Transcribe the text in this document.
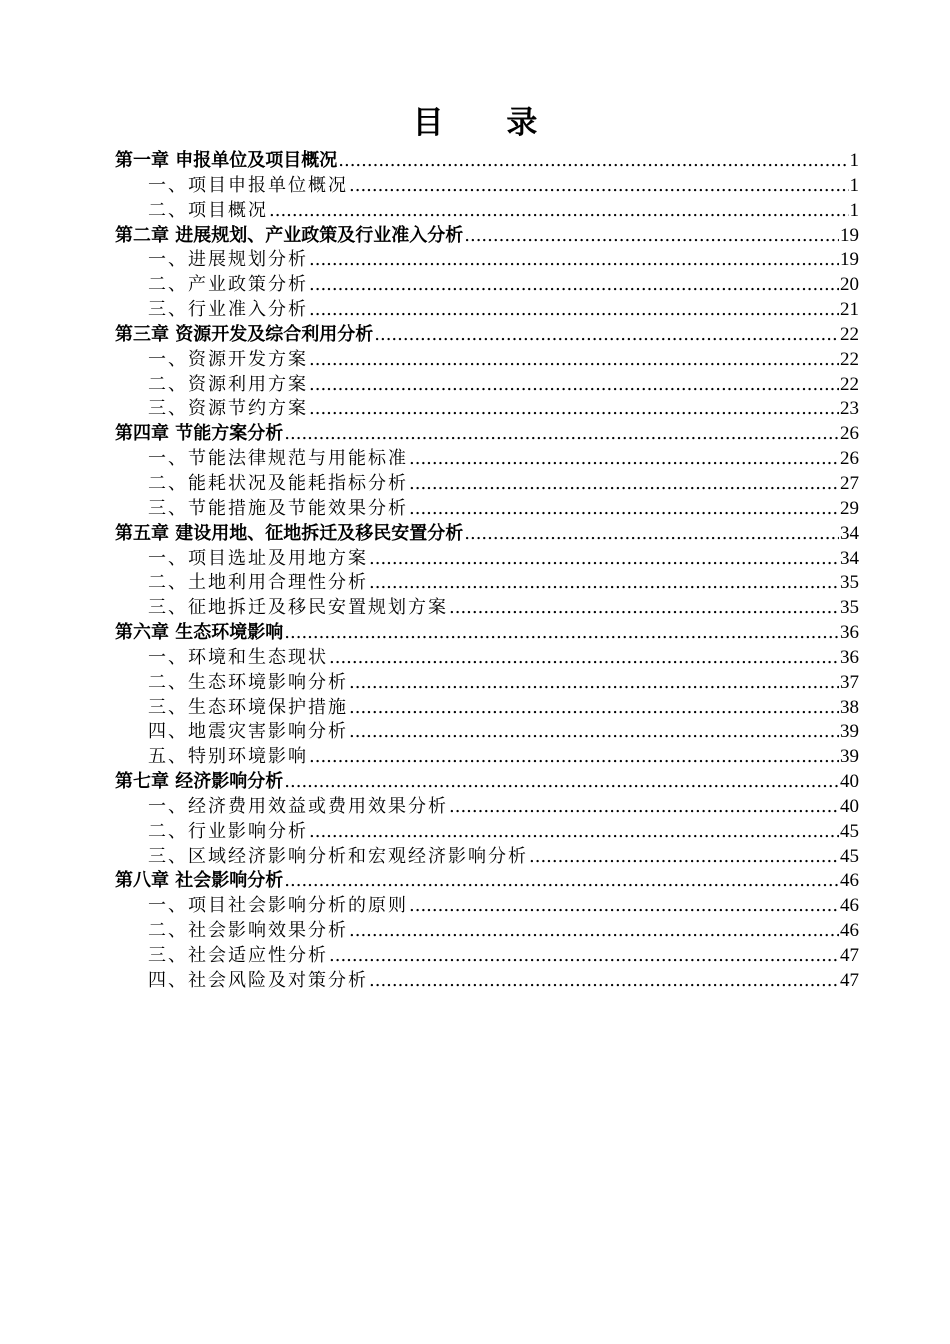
目 录
第一章 申报单位及项目概况 .....	1
一、项目申报单位概况 .....	1
二、项目概况 .....	1
第二章 进展规划、产业政策及行业准入分析 .....	19
一、进展规划分析 .....	19
二、产业政策分析 .....	20
三、行业准入分析 .....	21
第三章 资源开发及综合利用分析 .....	22
一、资源开发方案 .....	22
二、资源利用方案 .....	22
三、资源节约方案 .....	23
第四章 节能方案分析 .....	26
一、节能法律规范与用能标准 .....	26
二、能耗状况及能耗指标分析 .....	27
三、节能措施及节能效果分析 .....	29
第五章 建设用地、征地拆迁及移民安置分析 .....	34
一、项目选址及用地方案 .....	34
二、土地利用合理性分析 .....	35
三、征地拆迁及移民安置规划方案 .....	35
第六章 生态环境影响 .....	36
一、环境和生态现状 .....	36
二、生态环境影响分析 .....	37
三、生态环境保护措施 .....	38
四、地震灾害影响分析 .....	39
五、特别环境影响 .....	39
第七章 经济影响分析 .....	40
一、经济费用效益或费用效果分析 .....	40
二、行业影响分析 .....	45
三、区域经济影响分析和宏观经济影响分析 .....	45
第八章 社会影响分析 .....	46
一、项目社会影响分析的原则 .....	46
二、社会影响效果分析 .....	46
三、社会适应性分析 .....	47
四、社会风险及对策分析 .....	47
